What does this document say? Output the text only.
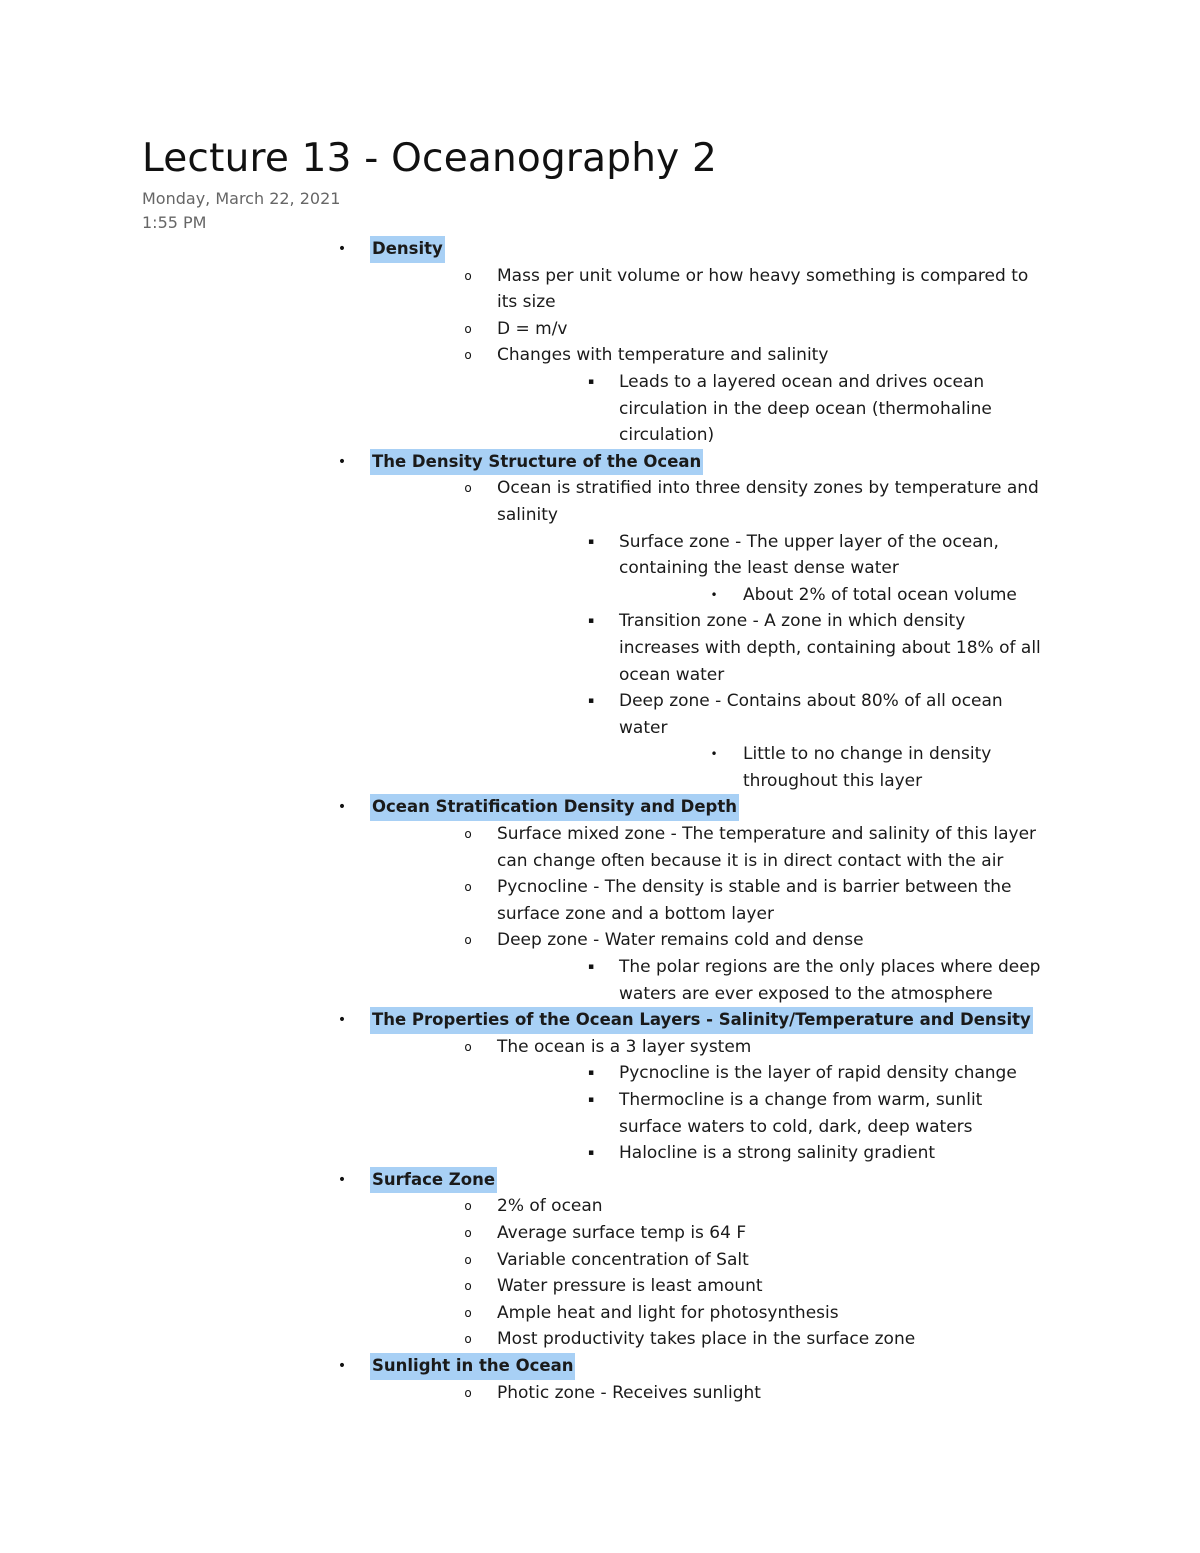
Lecture 13 - Oceanography 2
Monday, March 22, 2021
1:55 PM
• Density
o Mass per unit volume or how heavy something is compared to
its size
o D = m/v
o Changes with temperature and salinity
▪ Leads to a layered ocean and drives ocean
circulation in the deep ocean (thermohaline
circulation)
• The Density Structure of the Ocean
o Ocean is stratified into three density zones by temperature and
salinity
▪ Surface zone - The upper layer of the ocean,
containing the least dense water
• About 2% of total ocean volume
▪ Transition zone - A zone in which density
increases with depth, containing about 18% of all
ocean water
▪ Deep zone - Contains about 80% of all ocean
water
• Little to no change in density
throughout this layer
• Ocean Stratification Density and Depth
o Surface mixed zone - The temperature and salinity of this layer
can change often because it is in direct contact with the air
o Pycnocline - The density is stable and is barrier between the
surface zone and a bottom layer
o Deep zone - Water remains cold and dense
▪ The polar regions are the only places where deep
waters are ever exposed to the atmosphere
• The Properties of the Ocean Layers - Salinity/Temperature and Density
o The ocean is a 3 layer system
▪ Pycnocline is the layer of rapid density change
▪ Thermocline is a change from warm, sunlit
surface waters to cold, dark, deep waters
▪ Halocline is a strong salinity gradient
• Surface Zone
o 2% of ocean
o Average surface temp is 64 F
o Variable concentration of Salt
o Water pressure is least amount
o Ample heat and light for photosynthesis
o Most productivity takes place in the surface zone
• Sunlight in the Ocean
o Photic zone - Receives sunlight
